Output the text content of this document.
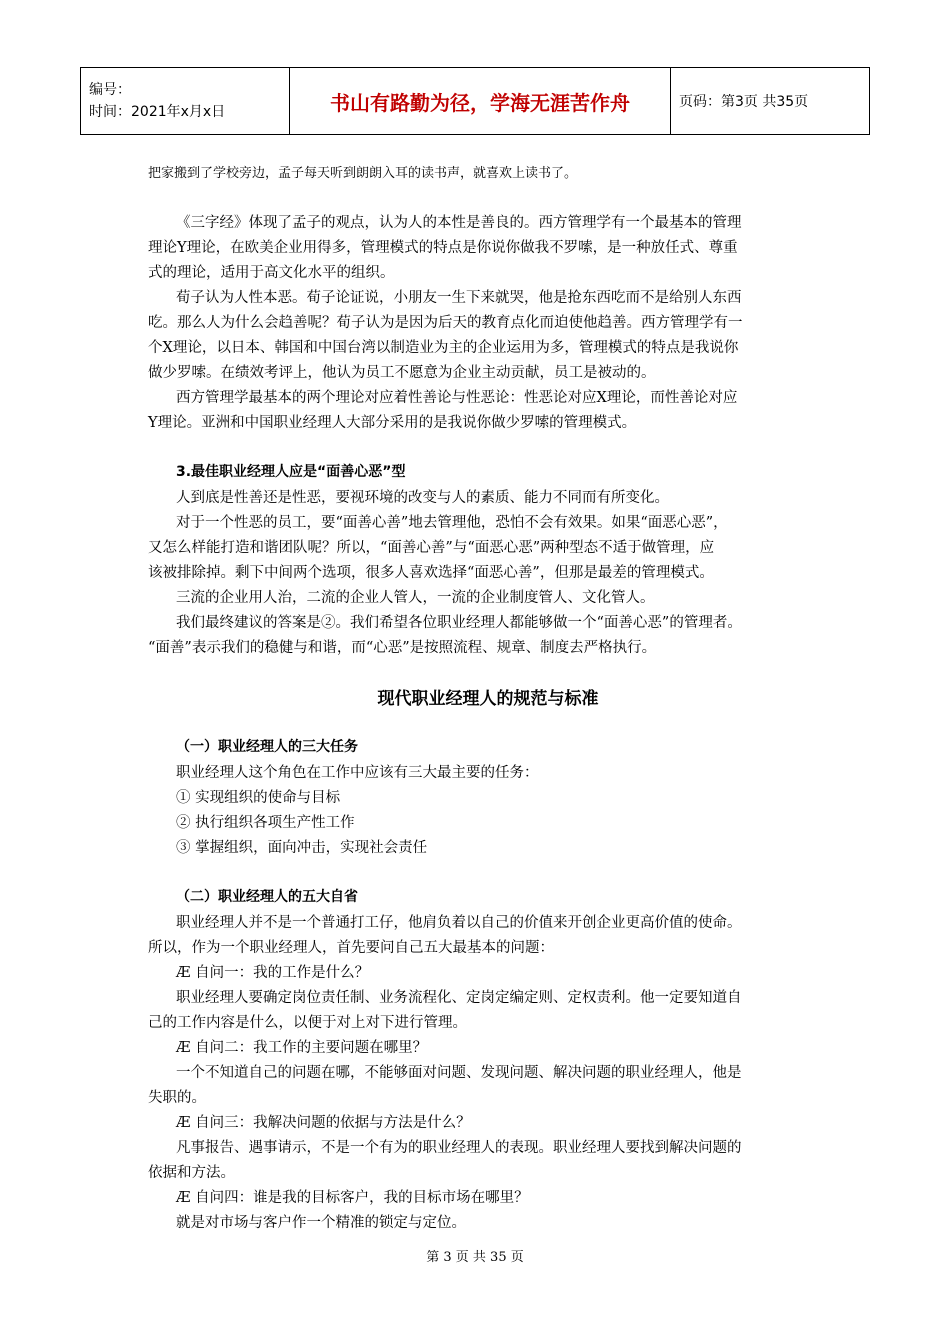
编号：
时间：2021年x月x日	书山有路勤为径，学海无涯苦作舟	页码：第3页 共35页
把家搬到了学校旁边，孟子每天听到朗朗入耳的读书声，就喜欢上读书了。
《三字经》体现了孟子的观点，认为人的本性是善良的。西方管理学有一个最基本的管理
理论Y理论，在欧美企业用得多，管理模式的特点是你说你做我不罗嗦，是一种放任式、尊重
式的理论，适用于高文化水平的组织。
荀子认为人性本恶。荀子论证说，小朋友一生下来就哭，他是抢东西吃而不是给别人东西
吃。那么人为什么会趋善呢？荀子认为是因为后天的教育点化而迫使他趋善。西方管理学有一
个X理论，以日本、韩国和中国台湾以制造业为主的企业运用为多，管理模式的特点是我说你
做少罗嗦。在绩效考评上，他认为员工不愿意为企业主动贡献，员工是被动的。
西方管理学最基本的两个理论对应着性善论与性恶论：性恶论对应X理论，而性善论对应
Y理论。亚洲和中国职业经理人大部分采用的是我说你做少罗嗦的管理模式。
3.最佳职业经理人应是“面善心恶”型
人到底是性善还是性恶，要视环境的改变与人的素质、能力不同而有所变化。
对于一个性恶的员工，要“面善心善”地去管理他，恐怕不会有效果。如果“面恶心恶”，
又怎么样能打造和谐团队呢？所以，“面善心善”与“面恶心恶”两种型态不适于做管理，应
该被排除掉。剩下中间两个选项，很多人喜欢选择“面恶心善”，但那是最差的管理模式。
三流的企业用人治，二流的企业人管人，一流的企业制度管人、文化管人。
我们最终建议的答案是②。我们希望各位职业经理人都能够做一个“面善心恶”的管理者。
“面善”表示我们的稳健与和谐，而“心恶”是按照流程、规章、制度去严格执行。
现代职业经理人的规范与标准
（一）职业经理人的三大任务
职业经理人这个角色在工作中应该有三大最主要的任务：
① 实现组织的使命与目标
② 执行组织各项生产性工作
③ 掌握组织，面向冲击，实现社会责任
（二）职业经理人的五大自省
职业经理人并不是一个普通打工仔，他肩负着以自己的价值来开创企业更高价值的使命。
所以，作为一个职业经理人，首先要问自己五大最基本的问题：
Æ 自问一：我的工作是什么？
职业经理人要确定岗位责任制、业务流程化、定岗定编定则、定权责利。他一定要知道自
己的工作内容是什么，以便于对上对下进行管理。
Æ 自问二：我工作的主要问题在哪里？
一个不知道自己的问题在哪，不能够面对问题、发现问题、解决问题的职业经理人，他是
失职的。
Æ 自问三：我解决问题的依据与方法是什么？
凡事报告、遇事请示，不是一个有为的职业经理人的表现。职业经理人要找到解决问题的
依据和方法。
Æ 自问四：谁是我的目标客户，我的目标市场在哪里？
就是对市场与客户作一个精准的锁定与定位。
第 3 页 共 35 页
